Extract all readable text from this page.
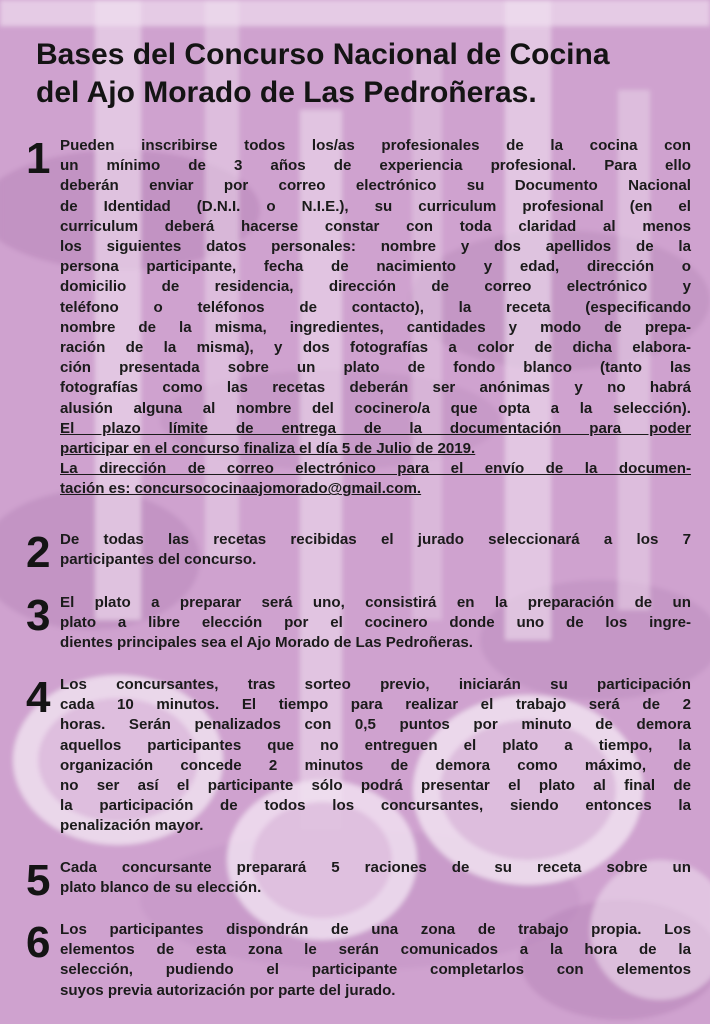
Bases del Concurso Nacional de Cocina
del Ajo Morado de Las Pedroñeras.
1 Pueden inscribirse todos los/as profesionales de la cocina con
un mínimo de 3 años de experiencia profesional. Para ello
deberán enviar por correo electrónico su Documento Nacional
de Identidad (D.N.I. o N.I.E.), su curriculum profesional (en el
curriculum deberá hacerse constar con toda claridad al menos
los siguientes datos personales: nombre y dos apellidos de la
persona participante, fecha de nacimiento y edad, dirección o
domicilio de residencia, dirección de correo electrónico y
teléfono o teléfonos de contacto), la receta (especificando
nombre de la misma, ingredientes, cantidades y modo de prepa-
ración de la misma), y dos fotografías a color de dicha elabora-
ción presentada sobre un plato de fondo blanco (tanto las
fotografías como las recetas deberán ser anónimas y no habrá
alusión alguna al nombre del cocinero/a que opta a la selección).
El plazo límite de entrega de la documentación para poder
participar en el concurso finaliza el día 5 de Julio de 2019.
La dirección de correo electrónico para el envío de la documen-
tación es: concursococinaajomorado@gmail.com.

2 De todas las recetas recibidas el jurado seleccionará a los 7
participantes del concurso.

3 El plato a preparar será uno, consistirá en la preparación de un
plato a libre elección por el cocinero donde uno de los ingre-
dientes principales sea el Ajo Morado de Las Pedroñeras.

4 Los concursantes, tras sorteo previo, iniciarán su participación
cada 10 minutos. El tiempo para realizar el trabajo será de 2
horas. Serán penalizados con 0,5 puntos por minuto de demora
aquellos participantes que no entreguen el plato a tiempo, la
organización concede 2 minutos de demora como máximo, de
no ser así el participante sólo podrá presentar el plato al final de
la participación de todos los concursantes, siendo entonces la
penalización mayor.

5 Cada concursante preparará 5 raciones de su receta sobre un
plato blanco de su elección.

6 Los participantes dispondrán de una zona de trabajo propia. Los
elementos de esta zona le serán comunicados a la hora de la
selección, pudiendo el participante completarlos con elementos
suyos previa autorización por parte del jurado.
